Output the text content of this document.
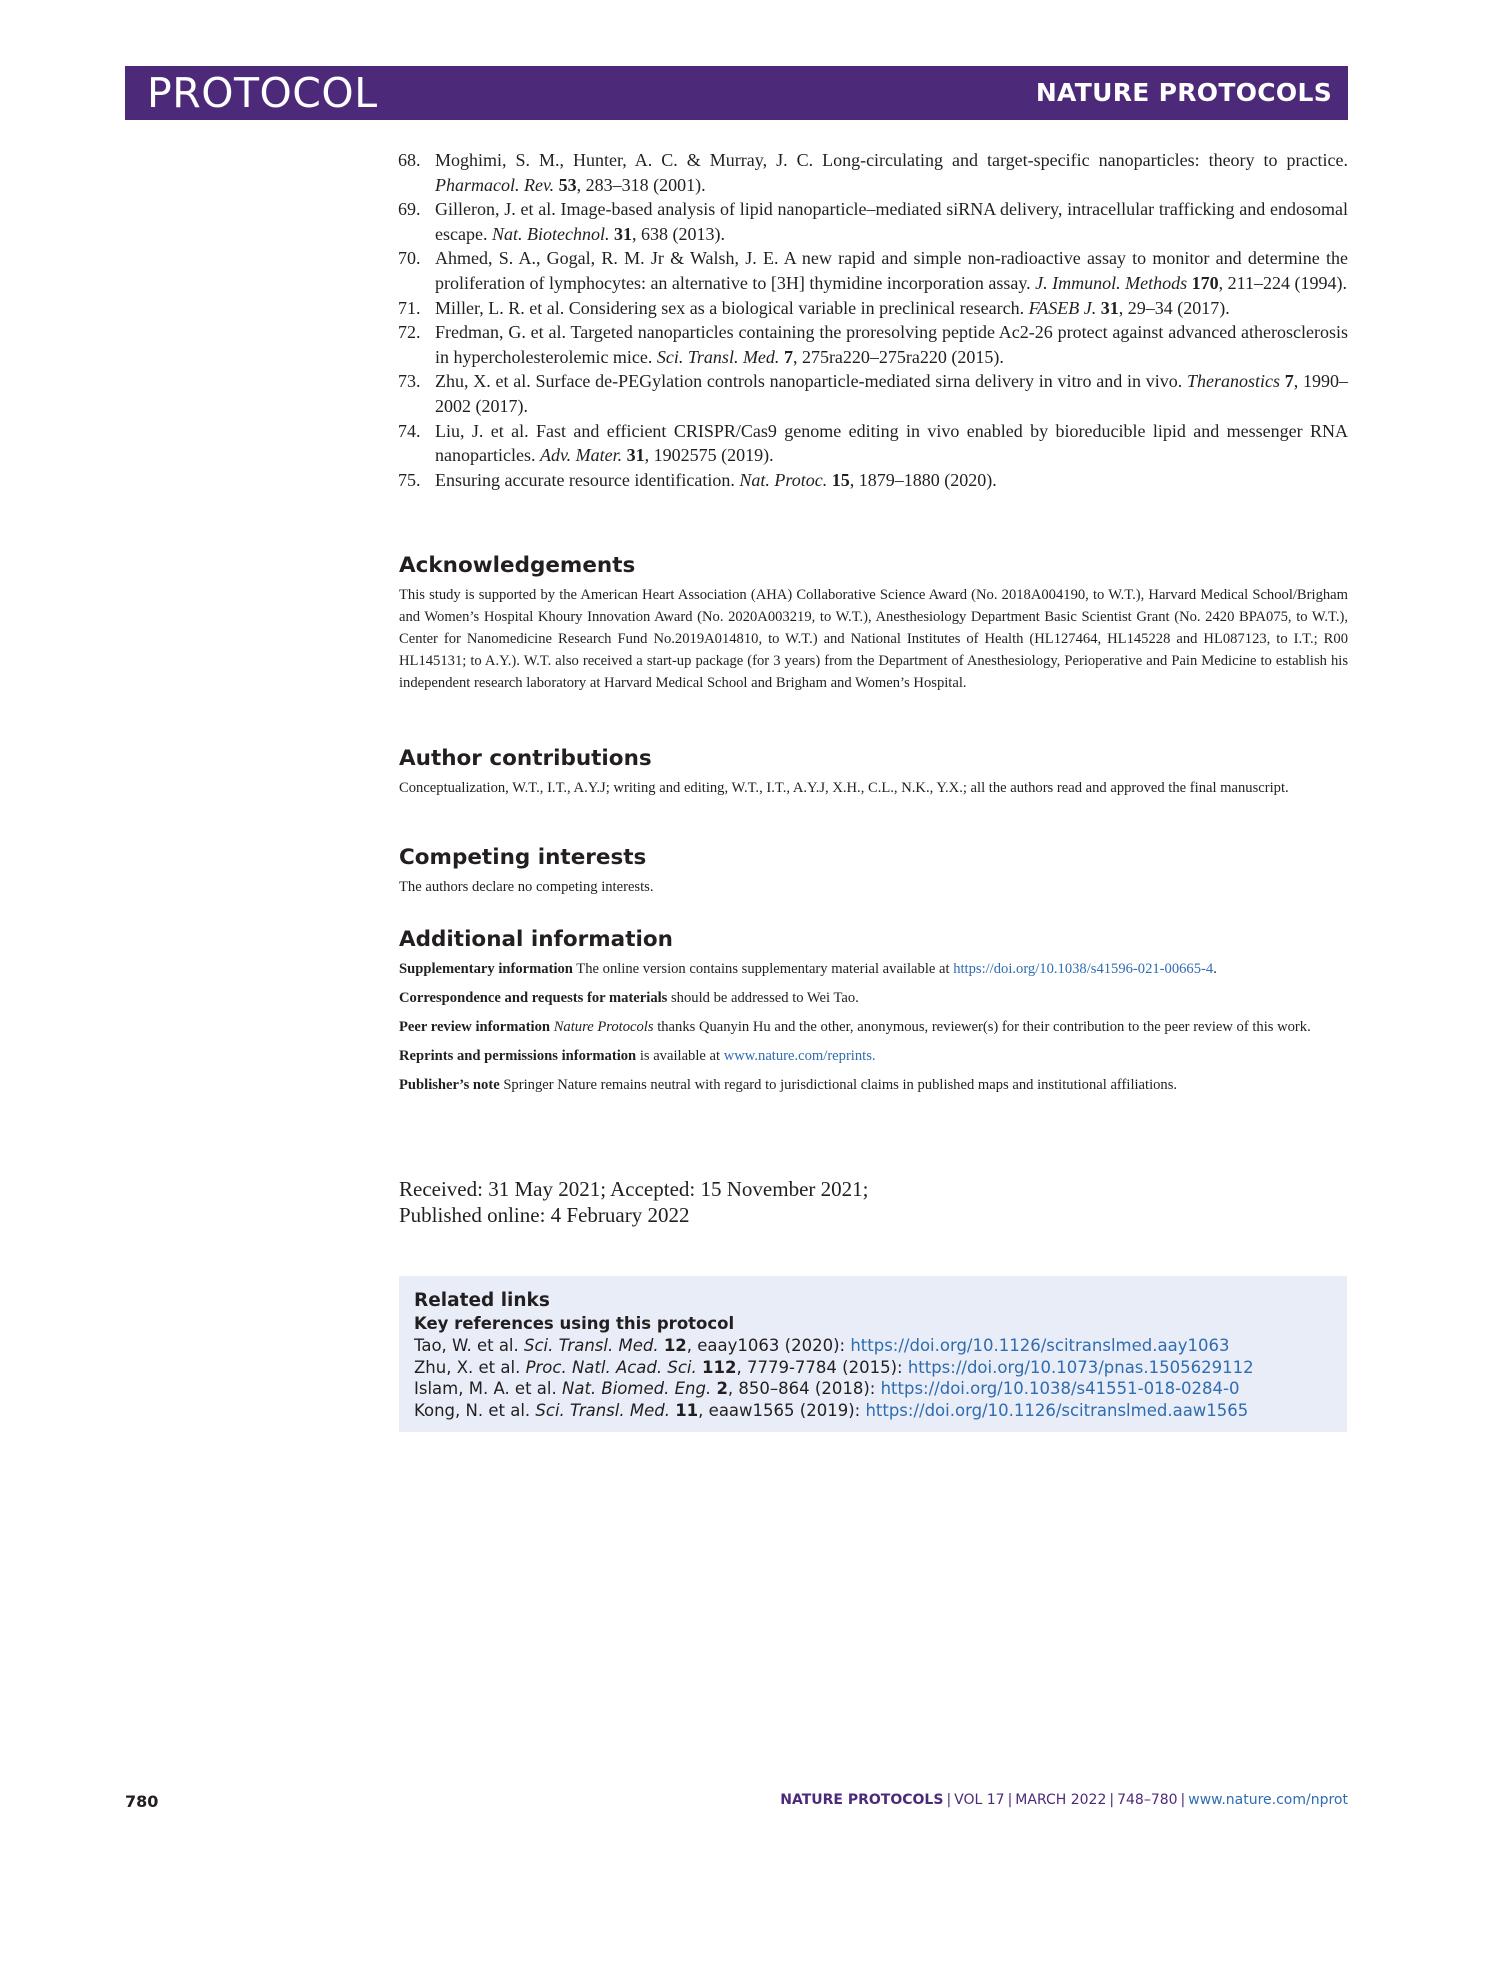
PROTOCOL	NATURE PROTOCOLS
68. Moghimi, S. M., Hunter, A. C. & Murray, J. C. Long-circulating and target-specific nanoparticles: theory to practice. Pharmacol. Rev. 53, 283–318 (2001).
69. Gilleron, J. et al. Image-based analysis of lipid nanoparticle–mediated siRNA delivery, intracellular trafficking and endosomal escape. Nat. Biotechnol. 31, 638 (2013).
70. Ahmed, S. A., Gogal, R. M. Jr & Walsh, J. E. A new rapid and simple non-radioactive assay to monitor and determine the proliferation of lymphocytes: an alternative to [3H] thymidine incorporation assay. J. Immunol. Methods 170, 211–224 (1994).
71. Miller, L. R. et al. Considering sex as a biological variable in preclinical research. FASEB J. 31, 29–34 (2017).
72. Fredman, G. et al. Targeted nanoparticles containing the proresolving peptide Ac2-26 protect against advanced atherosclerosis in hypercholesterolemic mice. Sci. Transl. Med. 7, 275ra220–275ra220 (2015).
73. Zhu, X. et al. Surface de-PEGylation controls nanoparticle-mediated sirna delivery in vitro and in vivo. Theranostics 7, 1990–2002 (2017).
74. Liu, J. et al. Fast and efficient CRISPR/Cas9 genome editing in vivo enabled by bioreducible lipid and messenger RNA nanoparticles. Adv. Mater. 31, 1902575 (2019).
75. Ensuring accurate resource identification. Nat. Protoc. 15, 1879–1880 (2020).
Acknowledgements

This study is supported by the American Heart Association (AHA) Collaborative Science Award (No. 2018A004190, to W.T.), Harvard Medical School/Brigham and Women’s Hospital Khoury Innovation Award (No. 2020A003219, to W.T.), Anesthesiology Department Basic Scientist Grant (No. 2420 BPA075, to W.T.), Center for Nanomedicine Research Fund No.2019A014810, to W.T.) and National Institutes of Health (HL127464, HL145228 and HL087123, to I.T.; R00 HL145131; to A.Y.). W.T. also received a start-up package (for 3 years) from the Department of Anesthesiology, Perioperative and Pain Medicine to establish his independent research laboratory at Harvard Medical School and Brigham and Women’s Hospital.

Author contributions

Conceptualization, W.T., I.T., A.Y.J; writing and editing, W.T., I.T., A.Y.J, X.H., C.L., N.K., Y.X.; all the authors read and approved the final manuscript.

Competing interests

The authors declare no competing interests.

Additional information

Supplementary information The online version contains supplementary material available at https://doi.org/10.1038/s41596-021-00665-4.

Correspondence and requests for materials should be addressed to Wei Tao.

Peer review information Nature Protocols thanks Quanyin Hu and the other, anonymous, reviewer(s) for their contribution to the peer review of this work.

Reprints and permissions information is available at www.nature.com/reprints.

Publisher’s note Springer Nature remains neutral with regard to jurisdictional claims in published maps and institutional affiliations.

Received: 31 May 2021; Accepted: 15 November 2021;
Published online: 4 February 2022
Related links
Key references using this protocol
Tao, W. et al. Sci. Transl. Med. 12, eaay1063 (2020): https://doi.org/10.1126/scitranslmed.aay1063
Zhu, X. et al. Proc. Natl. Acad. Sci. 112, 7779-7784 (2015): https://doi.org/10.1073/pnas.1505629112
Islam, M. A. et al. Nat. Biomed. Eng. 2, 850–864 (2018): https://doi.org/10.1038/s41551-018-0284-0
Kong, N. et al. Sci. Transl. Med. 11, eaaw1565 (2019): https://doi.org/10.1126/scitranslmed.aaw1565
780	NATURE PROTOCOLS | VOL 17 | MARCH 2022 | 748–780 | www.nature.com/nprot
